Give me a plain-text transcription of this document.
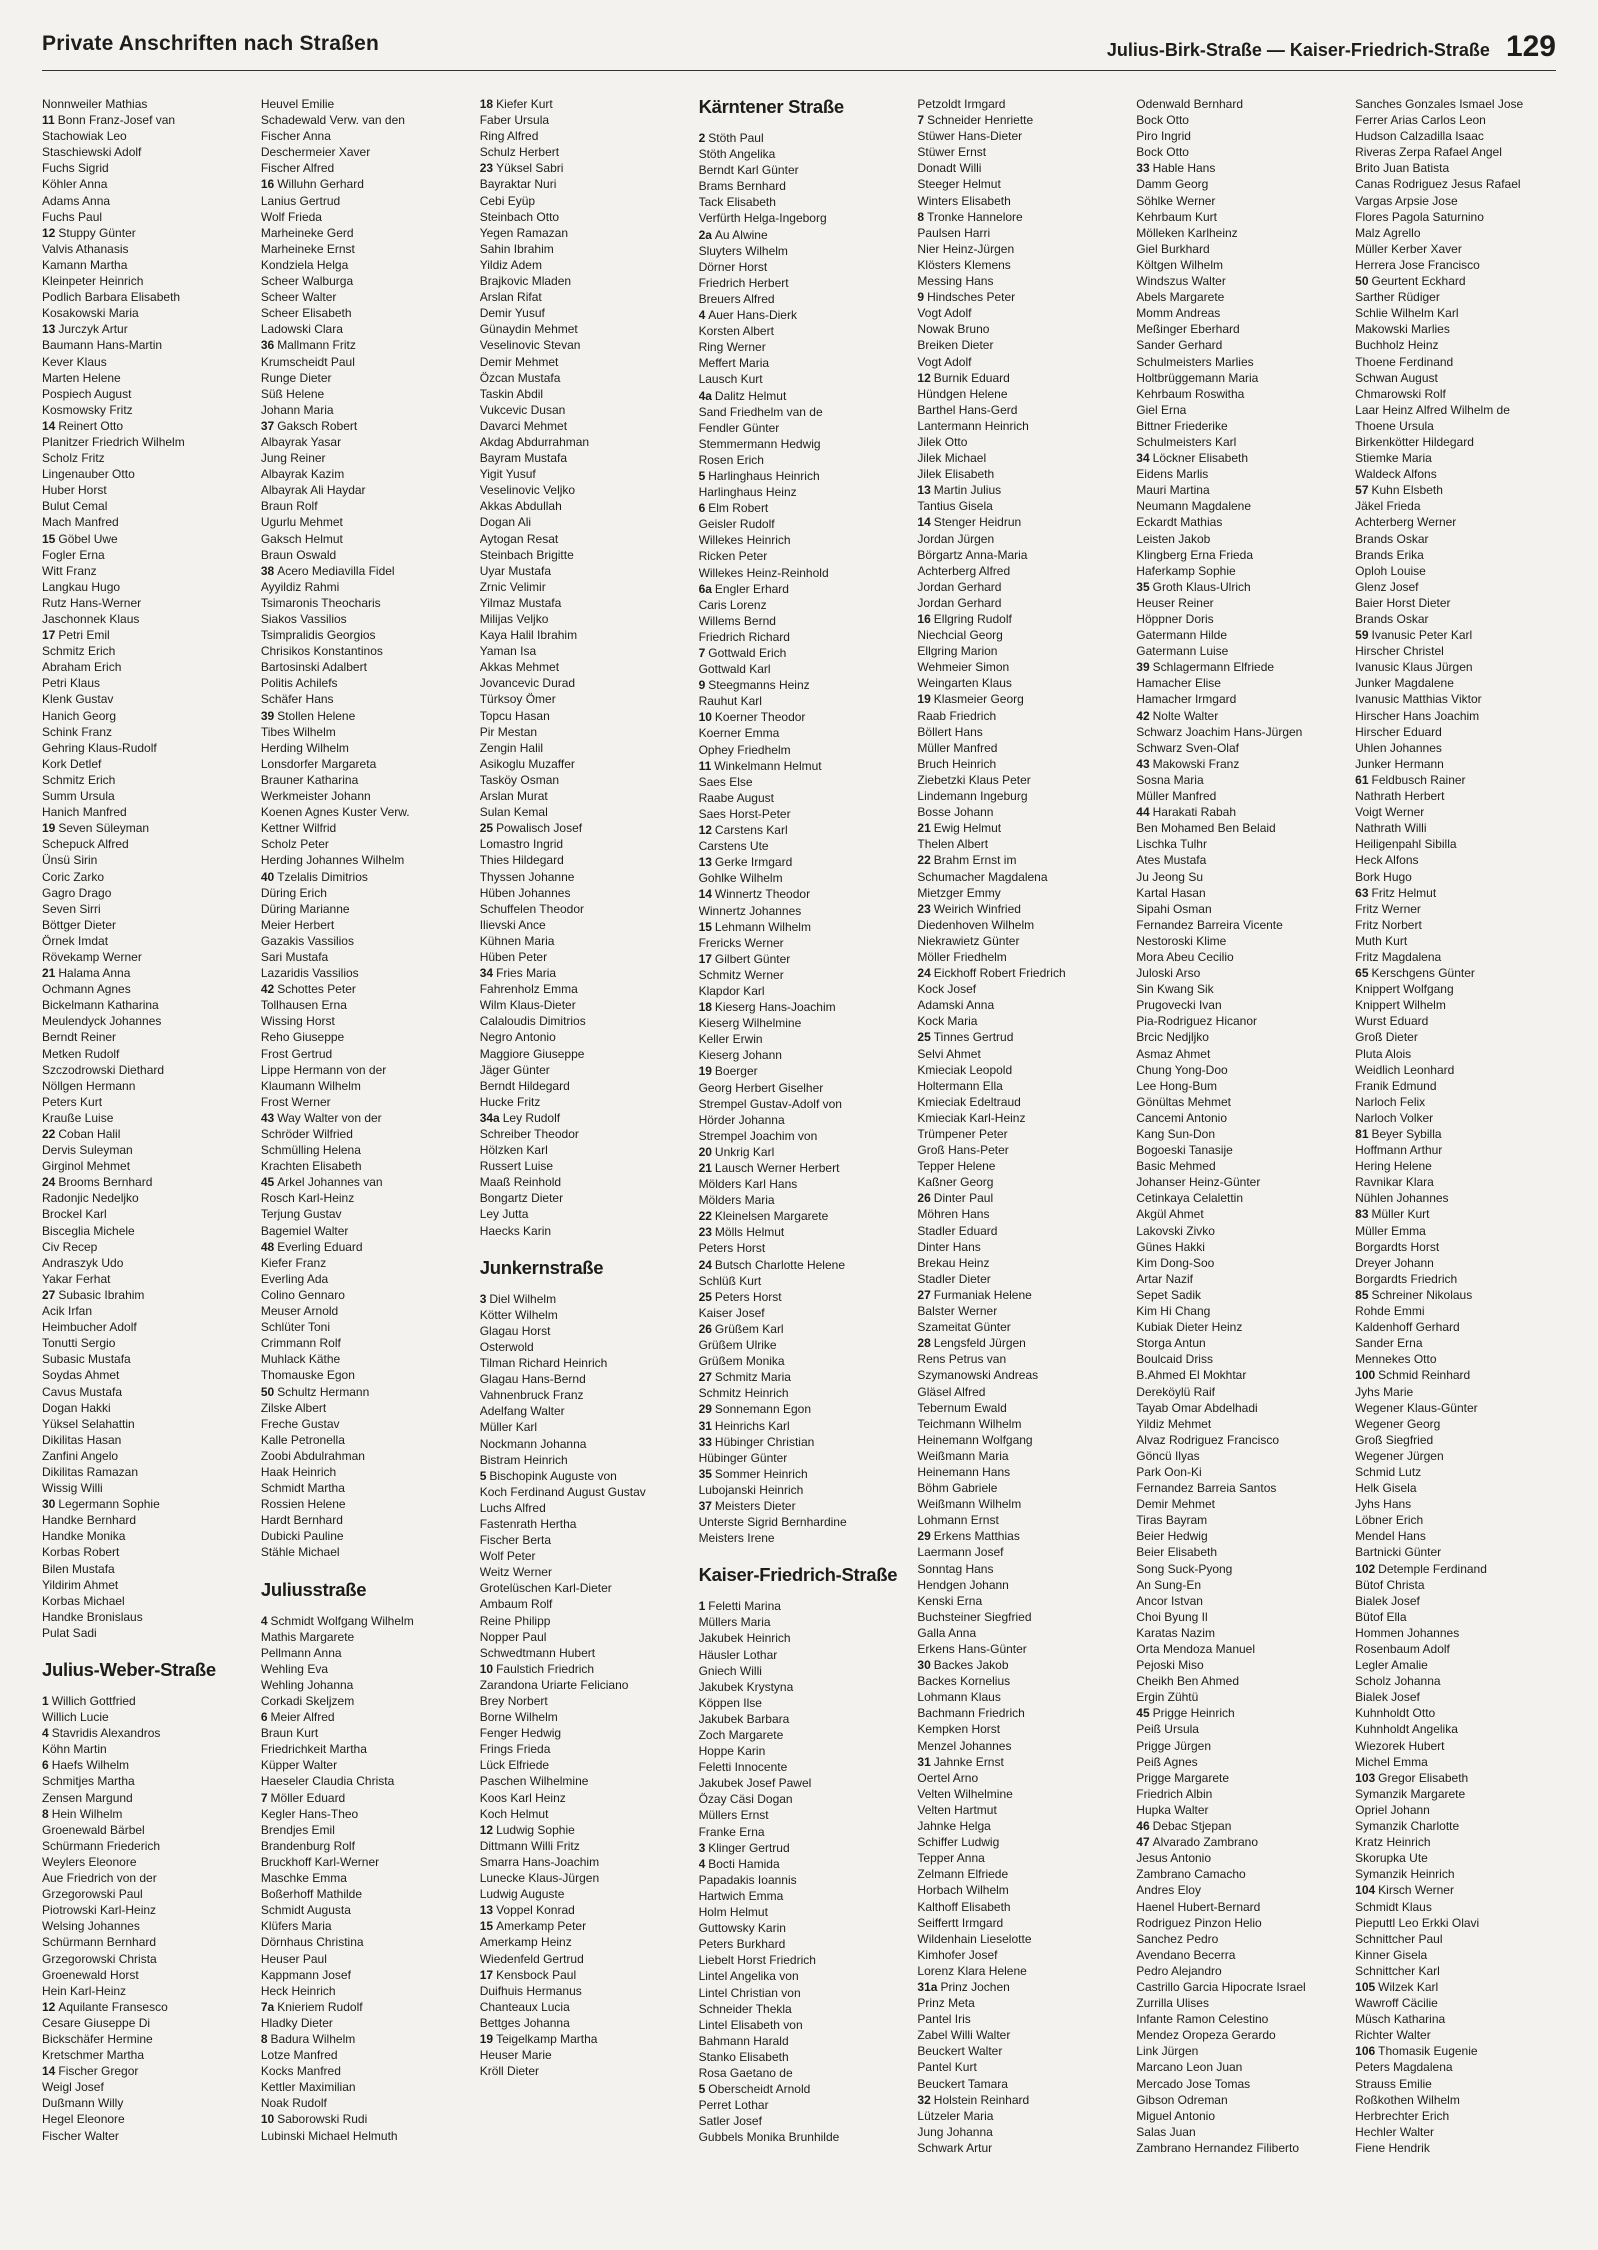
Private Anschriften nach Straßen	Julius-Birk-Straße — Kaiser-Friedrich-Straße 129
Nonnweiler Mathias
11 Bonn Franz-Josef van
Stachowiak Leo
Staschiewski Adolf
Fuchs Sigrid
Köhler Anna
Adams Anna
Fuchs Paul
12 Stuppy Günter
Valvis Athanasis
Kamann Martha
Kleinpeter Heinrich
Podlich Barbara Elisabeth
Kosakowski Maria
13 Jurczyk Artur
Baumann Hans-Martin
Kever Klaus
Marten Helene
Pospiech August
Kosmowsky Fritz
14 Reinert Otto
Planitzer Friedrich Wilhelm
Scholz Fritz
Lingenauber Otto
Huber Horst
Bulut Cemal
Mach Manfred
15 Göbel Uwe
Fogler Erna
Witt Franz
Langkau Hugo
Rutz Hans-Werner
Jaschonnek Klaus
17 Petri Emil
Schmitz Erich
Abraham Erich
Petri Klaus
Klenk Gustav
Hanich Georg
Schink Franz
Gehring Klaus-Rudolf
Kork Detlef
Schmitz Erich
Summ Ursula
Hanich Manfred
19 Seven Süleyman
Schepuck Alfred
Ünsü Sirin
Coric Zarko
Gagro Drago
Seven Sirri
Böttger Dieter
Örnek Imdat
Rövekamp Werner
21 Halama Anna
Ochmann Agnes
Bickelmann Katharina
Meulendyck Johannes
Berndt Reiner
Metken Rudolf
Szczodrowski Diethard
Nöllgen Hermann
Peters Kurt
Krauße Luise
22 Coban Halil
Dervis Suleyman
Girginol Mehmet
24 Brooms Bernhard
Radonjic Nedeljko
Brockel Karl
Bisceglia Michele
Civ Recep
Andraszyk Udo
Yakar Ferhat
27 Subasic Ibrahim
Acik Irfan
Heimbucher Adolf
Tonutti Sergio
Subasic Mustafa
Soydas Ahmet
Cavus Mustafa
Dogan Hakki
Yüksel Selahattin
Dikilitas Hasan
Zanfini Angelo
Dikilitas Ramazan
Wissig Willi
30 Legermann Sophie
Handke Bernhard
Handke Monika
Korbas Robert
Bilen Mustafa
Yildirim Ahmet
Korbas Michael
Handke Bronislaus
Pulat Sadi
Julius-Weber-Straße
1 Willich Gottfried
Willich Lucie
4 Stavridis Alexandros
Köhn Martin
6 Haefs Wilhelm
Schmitjes Martha
Zensen Margund
8 Hein Wilhelm
Groenewald Bärbel
Schürmann Friederich
Weylers Eleonore
Aue Friedrich von der
Grzegorowski Paul
Piotrowski Karl-Heinz
Welsing Johannes
Schürmann Bernhard
Grzegorowski Christa
Groenewald Horst
Hein Karl-Heinz
12 Aquilante Fransesco
Cesare Giuseppe Di
Bickschäfer Hermine
Kretschmer Martha
14 Fischer Gregor
Weigl Josef
Dußmann Willy
Hegel Eleonore
Fischer Walter
Heuvel Emilie
Schadewald Verw. van den
Fischer Anna
Deschermeier Xaver
Fischer Alfred
16 Willuhn Gerhard
Lanius Gertrud
Wolf Frieda
Marheineke Gerd
Marheineke Ernst
Kondziela Helga
Scheer Walburga
Scheer Walter
Scheer Elisabeth
Ladowski Clara
36 Mallmann Fritz
Krumscheidt Paul
Runge Dieter
Süß Helene
Johann Maria
37 Gaksch Robert
Albayrak Yasar
Jung Reiner
Albayrak Kazim
Albayrak Ali Haydar
Braun Rolf
Ugurlu Mehmet
Gaksch Helmut
Braun Oswald
38 Acero Mediavilla Fidel
Ayyildiz Rahmi
Tsimaronis Theocharis
Siakos Vassilios
Tsimpralidis Georgios
Chrisikos Konstantinos
Bartosinski Adalbert
Politis Achilefs
Schäfer Hans
39 Stollen Helene
Tibes Wilhelm
Herding Wilhelm
Lonsdorfer Margareta
Brauner Katharina
Werkmeister Johann
Koenen Agnes Kuster Verw.
Kettner Wilfrid
Scholz Peter
Herding Johannes Wilhelm
40 Tzelalis Dimitrios
Düring Erich
Düring Marianne
Meier Herbert
Gazakis Vassilios
Sari Mustafa
Lazaridis Vassilios
42 Schottes Peter
Tollhausen Erna
Wissing Horst
Reho Giuseppe
Frost Gertrud
Lippe Hermann von der
Klaumann Wilhelm
Frost Werner
43 Way Walter von der
Schröder Wilfried
Schmülling Helena
Krachten Elisabeth
45 Arkel Johannes van
Rosch Karl-Heinz
Terjung Gustav
Bagemiel Walter
48 Everling Eduard
Kiefer Franz
Everling Ada
Colino Gennaro
Meuser Arnold
Schlüter Toni
Crimmann Rolf
Muhlack Käthe
Thomauske Egon
50 Schultz Hermann
Zilske Albert
Freche Gustav
Kalle Petronella
Zoobi Abdulrahman
Haak Heinrich
Schmidt Martha
Rossien Helene
Hardt Bernhard
Dubicki Pauline
Stähle Michael
Juliusstraße
4 Schmidt Wolfgang Wilhelm
Mathis Margarete
Pellmann Anna
Wehling Eva
Wehling Johanna
Corkadi Skeljzem
6 Meier Alfred
Braun Kurt
Friedrichkeit Martha
Küpper Walter
Haeseler Claudia Christa
7 Möller Eduard
Kegler Hans-Theo
Brendjes Emil
Brandenburg Rolf
Bruckhoff Karl-Werner
Maschke Emma
Boßerhoff Mathilde
Schmidt Augusta
Klüfers Maria
Dörnhaus Christina
Heuser Paul
Kappmann Josef
Heck Heinrich
7a Knieriem Rudolf
Hladky Dieter
8 Badura Wilhelm
Lotze Manfred
Kocks Manfred
Kettler Maximilian
Noak Rudolf
10 Saborowski Rudi
Lubinski Michael Helmuth
18 Kiefer Kurt
Faber Ursula
Ring Alfred
Schulz Herbert
23 Yüksel Sabri
Bayraktar Nuri
Cebi Eyüp
Steinbach Otto
Yegen Ramazan
Sahin Ibrahim
Yildiz Adem
Brajkovic Mladen
Arslan Rifat
Demir Yusuf
Günaydin Mehmet
Veselinovic Stevan
Demir Mehmet
Özcan Mustafa
Taskin Abdil
Vukcevic Dusan
Davarci Mehmet
Akdag Abdurrahman
Bayram Mustafa
Yigit Yusuf
Veselinovic Veljko
Akkas Abdullah
Dogan Ali
Aytogan Resat
Steinbach Brigitte
Uyar Mustafa
Zrnic Velimir
Yilmaz Mustafa
Milijas Veljko
Kaya Halil Ibrahim
Yaman Isa
Akkas Mehmet
Jovancevic Durad
Türksoy Ömer
Topcu Hasan
Pir Mestan
Zengin Halil
Asikoglu Muzaffer
Tasköy Osman
Arslan Murat
Sulan Kemal
25 Powalisch Josef
Lomastro Ingrid
Thies Hildegard
Thyssen Johanne
Hüben Johannes
Schuffelen Theodor
Ilievski Ance
Kühnen Maria
Hüben Peter
34 Fries Maria
Fahrenholz Emma
Wilm Klaus-Dieter
Calaloudis Dimitrios
Negro Antonio
Maggiore Giuseppe
Jäger Günter
Berndt Hildegard
Hucke Fritz
34a Ley Rudolf
Schreiber Theodor
Hölzken Karl
Russert Luise
Maaß Reinhold
Bongartz Dieter
Ley Jutta
Haecks Karin
Junkernstraße
3 Diel Wilhelm
Kötter Wilhelm
Glagau Horst
Osterwold
Tilman Richard Heinrich
Glagau Hans-Bernd
Vahnenbruck Franz
Adelfang Walter
Müller Karl
Nockmann Johanna
Bistram Heinrich
5 Bischopink Auguste von
Koch Ferdinand August Gustav
Luchs Alfred
Fastenrath Hertha
Fischer Berta
Wolf Peter
Weitz Werner
Grotelüschen Karl-Dieter
Ambaum Rolf
Reine Philipp
Nopper Paul
Schwedtmann Hubert
10 Faulstich Friedrich
Zarandona Uriarte Feliciano
Brey Norbert
Borne Wilhelm
Fenger Hedwig
Frings Frieda
Lück Elfriede
Paschen Wilhelmine
Koos Karl Heinz
Koch Helmut
12 Ludwig Sophie
Dittmann Willi Fritz
Smarra Hans-Joachim
Lunecke Klaus-Jürgen
Ludwig Auguste
13 Voppel Konrad
15 Amerkamp Peter
Amerkamp Heinz
Wiedenfeld Gertrud
17 Kensbock Paul
Duifhuis Hermanus
Chanteaux Lucia
Bettges Johanna
19 Teigelkamp Martha
Heuser Marie
Kröll Dieter
Kärntener Straße
2 Stöth Paul
Stöth Angelika
Berndt Karl Günter
Brams Bernhard
Tack Elisabeth
Verfürth Helga-Ingeborg
2a Au Alwine
Sluyters Wilhelm
Dörner Horst
Friedrich Herbert
Breuers Alfred
4 Auer Hans-Dierk
Korsten Albert
Ring Werner
Meffert Maria
Lausch Kurt
4a Dalitz Helmut
Sand Friedhelm van de
Fendler Günter
Stemmermann Hedwig
Rosen Erich
5 Harlinghaus Heinrich
Harlinghaus Heinz
6 Elm Robert
Geisler Rudolf
Willekes Heinrich
Ricken Peter
Willekes Heinz-Reinhold
6a Engler Erhard
Caris Lorenz
Willems Bernd
Friedrich Richard
7 Gottwald Erich
Gottwald Karl
9 Steegmanns Heinz
Rauhut Karl
10 Koerner Theodor
Koerner Emma
Ophey Friedhelm
11 Winkelmann Helmut
Saes Else
Raabe August
Saes Horst-Peter
12 Carstens Karl
Carstens Ute
13 Gerke Irmgard
Gohlke Wilhelm
14 Winnertz Theodor
Winnertz Johannes
15 Lehmann Wilhelm
Frericks Werner
17 Gilbert Günter
Schmitz Werner
Klapdor Karl
18 Kieserg Hans-Joachim
Kieserg Wilhelmine
Keller Erwin
Kieserg Johann
19 Boerger
Georg Herbert Giselher
Strempel Gustav-Adolf von
Hörder Johanna
Strempel Joachim von
20 Unkrig Karl
21 Lausch Werner Herbert
Mölders Karl Hans
Mölders Maria
22 Kleinelsen Margarete
23 Mölls Helmut
Peters Horst
24 Butsch Charlotte Helene
Schlüß Kurt
25 Peters Horst
Kaiser Josef
26 Grüßem Karl
Grüßem Ulrike
Grüßem Monika
27 Schmitz Maria
Schmitz Heinrich
29 Sonnemann Egon
31 Heinrichs Karl
33 Hübinger Christian
Hübinger Günter
35 Sommer Heinrich
Lubojanski Heinrich
37 Meisters Dieter
Unterste Sigrid Bernhardine
Meisters Irene
Kaiser-Friedrich-Straße
1 Feletti Marina
Müllers Maria
Jakubek Heinrich
Häusler Lothar
Gniech Willi
Jakubek Krystyna
Köppen Ilse
Jakubek Barbara
Zoch Margarete
Hoppe Karin
Feletti Innocente
Jakubek Josef Pawel
Özay Cäsi Dogan
Müllers Ernst
Franke Erna
3 Klinger Gertrud
4 Bocti Hamida
Papadakis Ioannis
Hartwich Emma
Holm Helmut
Guttowsky Karin
Peters Burkhard
Liebelt Horst Friedrich
Lintel Angelika von
Lintel Christian von
Schneider Thekla
Lintel Elisabeth von
Bahmann Harald
Stanko Elisabeth
Rosa Gaetano de
5 Oberscheidt Arnold
Perret Lothar
Satler Josef
Gubbels Monika Brunhilde
Petzoldt Irmgard
7 Schneider Henriette
Stüwer Hans-Dieter
Stüwer Ernst
Donadt Willi
Steeger Helmut
Winters Elisabeth
8 Tronke Hannelore
Paulsen Harri
Nier Heinz-Jürgen
Klösters Klemens
Messing Hans
9 Hindsches Peter
Vogt Adolf
Nowak Bruno
Breiken Dieter
Vogt Adolf
12 Burnik Eduard
Hündgen Helene
Barthel Hans-Gerd
Lantermann Heinrich
Jilek Otto
Jilek Michael
Jilek Elisabeth
13 Martin Julius
Tantius Gisela
14 Stenger Heidrun
Jordan Jürgen
Börgartz Anna-Maria
Achterberg Alfred
Jordan Gerhard
Jordan Gerhard
16 Ellgring Rudolf
Niechcial Georg
Ellgring Marion
Wehmeier Simon
Weingarten Klaus
19 Klasmeier Georg
Raab Friedrich
Böllert Hans
Müller Manfred
Bruch Heinrich
Ziebetzki Klaus Peter
Lindemann Ingeburg
Bosse Johann
21 Ewig Helmut
Thelen Albert
22 Brahm Ernst im
Schumacher Magdalena
Mietzger Emmy
23 Weirich Winfried
Diedenhoven Wilhelm
Niekrawietz Günter
Möller Friedhelm
24 Eickhoff Robert Friedrich
Kock Josef
Adamski Anna
Kock Maria
25 Tinnes Gertrud
Selvi Ahmet
Kmieciak Leopold
Holtermann Ella
Kmieciak Edeltraud
Kmieciak Karl-Heinz
Trümpener Peter
Groß Hans-Peter
Tepper Helene
Kaßner Georg
26 Dinter Paul
Möhren Hans
Stadler Eduard
Dinter Hans
Brekau Heinz
Stadler Dieter
27 Furmaniak Helene
Balster Werner
Szameitat Günter
28 Lengsfeld Jürgen
Rens Petrus van
Szymanowski Andreas
Gläsel Alfred
Tebernum Ewald
Teichmann Wilhelm
Heinemann Wolfgang
Weißmann Maria
Heinemann Hans
Böhm Gabriele
Weißmann Wilhelm
Lohmann Ernst
29 Erkens Matthias
Laermann Josef
Sonntag Hans
Hendgen Johann
Kenski Erna
Buchsteiner Siegfried
Galla Anna
Erkens Hans-Günter
30 Backes Jakob
Backes Kornelius
Lohmann Klaus
Bachmann Friedrich
Kempken Horst
Menzel Johannes
31 Jahnke Ernst
Oertel Arno
Velten Wilhelmine
Velten Hartmut
Jahnke Helga
Schiffer Ludwig
Tepper Anna
Zelmann Elfriede
Horbach Wilhelm
Kalthoff Elisabeth
Seiffertt Irmgard
Wildenhain Lieselotte
Kimhofer Josef
Lorenz Klara Helene
31a Prinz Jochen
Prinz Meta
Pantel Iris
Zabel Willi Walter
Beuckert Walter
Pantel Kurt
Beuckert Tamara
32 Holstein Reinhard
Lützeler Maria
Jung Johanna
Schwark Artur
Odenwald Bernhard
Bock Otto
Piro Ingrid
Bock Otto
33 Hable Hans
Damm Georg
Söhlke Werner
Kehrbaum Kurt
Mölleken Karlheinz
Giel Burkhard
Költgen Wilhelm
Windszus Walter
Abels Margarete
Momm Andreas
Meßinger Eberhard
Sander Gerhard
Schulmeisters Marlies
Holtbrüggemann Maria
Kehrbaum Roswitha
Giel Erna
Bittner Friederike
Schulmeisters Karl
34 Löckner Elisabeth
Eidens Marlis
Mauri Martina
Neumann Magdalene
Eckardt Mathias
Leisten Jakob
Klingberg Erna Frieda
Haferkamp Sophie
35 Groth Klaus-Ulrich
Heuser Reiner
Höppner Doris
Gatermann Hilde
Gatermann Luise
39 Schlagermann Elfriede
Hamacher Elise
Hamacher Irmgard
42 Nolte Walter
Schwarz Joachim Hans-Jürgen
Schwarz Sven-Olaf
43 Makowski Franz
Sosna Maria
Müller Manfred
44 Harakati Rabah
Ben Mohamed Ben Belaid
Lischka Tulhr
Ates Mustafa
Ju Jeong Su
Kartal Hasan
Sipahi Osman
Fernandez Barreira Vicente
Nestoroski Klime
Mora Abeu Cecilio
Juloski Arso
Sin Kwang Sik
Prugovecki Ivan
Pia-Rodriguez Hicanor
Brcic Nedjljko
Asmaz Ahmet
Chung Yong-Doo
Lee Hong-Bum
Gönültas Mehmet
Cancemi Antonio
Kang Sun-Don
Bogoeski Tanasije
Basic Mehmed
Johanser Heinz-Günter
Cetinkaya Celalettin
Akgül Ahmet
Lakovski Zivko
Günes Hakki
Kim Dong-Soo
Artar Nazif
Sepet Sadik
Kim Hi Chang
Kubiak Dieter Heinz
Storga Antun
Boulcaid Driss
B.Ahmed El Mokhtar
Dereköylü Raif
Tayab Omar Abdelhadi
Yildiz Mehmet
Alvaz Rodriguez Francisco
Göncü Ilyas
Park Oon-Ki
Fernandez Barreia Santos
Demir Mehmet
Tiras Bayram
Beier Hedwig
Beier Elisabeth
Song Suck-Pyong
An Sung-En
Ancor Istvan
Choi Byung Il
Karatas Nazim
Orta Mendoza Manuel
Pejoski Miso
Cheikh Ben Ahmed
Ergin Zühtü
45 Prigge Heinrich
Peiß Ursula
Prigge Jürgen
Peiß Agnes
Prigge Margarete
Friedrich Albin
Hupka Walter
46 Debac Stjepan
47 Alvarado Zambrano
Jesus Antonio
Zambrano Camacho
Andres Eloy
Haenel Hubert-Bernard
Rodriguez Pinzon Helio
Sanchez Pedro
Avendano Becerra
Pedro Alejandro
Castrillo Garcia Hipocrate Israel
Zurrilla Ulises
Infante Ramon Celestino
Mendez Oropeza Gerardo
Link Jürgen
Marcano Leon Juan
Mercado Jose Tomas
Gibson Odreman
Miguel Antonio
Salas Juan
Zambrano Hernandez Filiberto
Sanches Gonzales Ismael Jose
Ferrer Arias Carlos Leon
Hudson Calzadilla Isaac
Riveras Zerpa Rafael Angel
Brito Juan Batista
Canas Rodriguez Jesus Rafael
Vargas Arpsie Jose
Flores Pagola Saturnino
Malz Agrello
Müller Kerber Xaver
Herrera Jose Francisco
50 Geurtent Eckhard
Sarther Rüdiger
Schlie Wilhelm Karl
Makowski Marlies
Buchholz Heinz
Thoene Ferdinand
Schwan August
Chmarowski Rolf
Laar Heinz Alfred Wilhelm de
Thoene Ursula
Birkenkötter Hildegard
Stiemke Maria
Waldeck Alfons
57 Kuhn Elsbeth
Jäkel Frieda
Achterberg Werner
Brands Oskar
Brands Erika
Oploh Louise
Glenz Josef
Baier Horst Dieter
Brands Oskar
59 Ivanusic Peter Karl
Hirscher Christel
Ivanusic Klaus Jürgen
Junker Magdalene
Ivanusic Matthias Viktor
Hirscher Hans Joachim
Hirscher Eduard
Uhlen Johannes
Junker Hermann
61 Feldbusch Rainer
Nathrath Herbert
Voigt Werner
Nathrath Willi
Heiligenpahl Sibilla
Heck Alfons
Bork Hugo
63 Fritz Helmut
Fritz Werner
Fritz Norbert
Muth Kurt
Fritz Magdalena
65 Kerschgens Günter
Knippert Wolfgang
Knippert Wilhelm
Wurst Eduard
Groß Dieter
Pluta Alois
Weidlich Leonhard
Franik Edmund
Narloch Felix
Narloch Volker
81 Beyer Sybilla
Hoffmann Arthur
Hering Helene
Ravnikar Klara
Nühlen Johannes
83 Müller Kurt
Müller Emma
Borgardts Horst
Dreyer Johann
Borgardts Friedrich
85 Schreiner Nikolaus
Rohde Emmi
Kaldenhoff Gerhard
Sander Erna
Mennekes Otto
100 Schmid Reinhard
Jyhs Marie
Wegener Klaus-Günter
Wegener Georg
Groß Siegfried
Wegener Jürgen
Schmid Lutz
Helk Gisela
Jyhs Hans
Löbner Erich
Mendel Hans
Bartnicki Günter
102 Detemple Ferdinand
Bütof Christa
Bialek Josef
Bütof Ella
Hommen Johannes
Rosenbaum Adolf
Legler Amalie
Scholz Johanna
Bialek Josef
Kuhnholdt Otto
Kuhnholdt Angelika
Wiezorek Hubert
Michel Emma
103 Gregor Elisabeth
Symanzik Margarete
Opriel Johann
Symanzik Charlotte
Kratz Heinrich
Skorupka Ute
Symanzik Heinrich
104 Kirsch Werner
Schmidt Klaus
Pieputtl Leo Erkki Olavi
Schnittcher Paul
Kinner Gisela
Schnittcher Karl
105 Wilzek Karl
Wawroff Cäcilie
Müsch Katharina
Richter Walter
106 Thomasik Eugenie
Peters Magdalena
Strauss Emilie
Roßkothen Wilhelm
Herbrechter Erich
Hechler Walter
Fiene Hendrik
